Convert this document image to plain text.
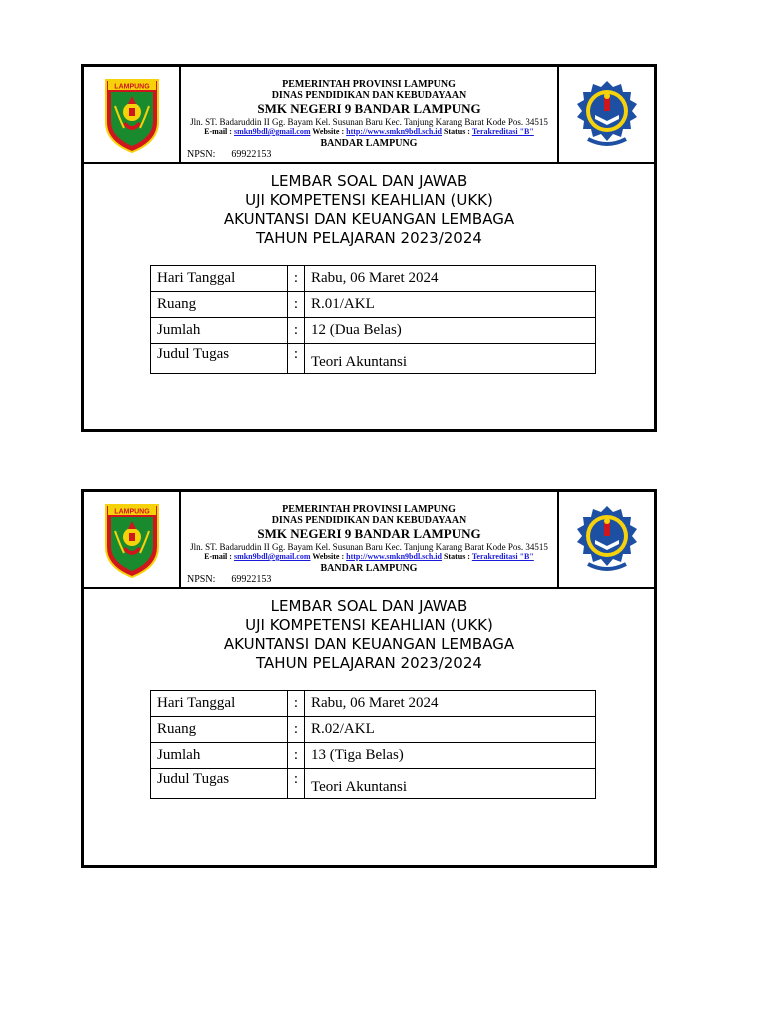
LAMPUNG	PEMERINTAH PROVINSI LAMPUNG
DINAS PENDIDIKAN DAN KEBUDAYAAN
SMK NEGERI 9 BANDAR LAMPUNG
Jln. ST. Badaruddin II Gg. Bayam Kel. Susunan Baru Kec. Tanjung Karang Barat Kode Pos. 34515
E-mail : smkn9bdl@gmail.com Website : http://www.smkn9bdl.sch.id Status : Terakreditasi "B"
BANDAR LAMPUNG
NPSN: 69922153
LEMBAR SOAL DAN JAWAB
UJI KOMPETENSI KEAHLIAN (UKK)
AKUNTANSI DAN KEUANGAN LEMBAGA
TAHUN PELAJARAN 2023/2024
Hari Tanggal	:	Rabu, 06 Maret 2024
Ruang	:	R.01/AKL
Jumlah	:	12 (Dua Belas)
Judul Tugas	:	Teori Akuntansi
LAMPUNG	PEMERINTAH PROVINSI LAMPUNG
DINAS PENDIDIKAN DAN KEBUDAYAAN
SMK NEGERI 9 BANDAR LAMPUNG
Jln. ST. Badaruddin II Gg. Bayam Kel. Susunan Baru Kec. Tanjung Karang Barat Kode Pos. 34515
E-mail : smkn9bdl@gmail.com Website : http://www.smkn9bdl.sch.id Status : Terakreditasi "B"
BANDAR LAMPUNG
NPSN: 69922153
LEMBAR SOAL DAN JAWAB
UJI KOMPETENSI KEAHLIAN (UKK)
AKUNTANSI DAN KEUANGAN LEMBAGA
TAHUN PELAJARAN 2023/2024
Hari Tanggal	:	Rabu, 06 Maret 2024
Ruang	:	R.02/AKL
Jumlah	:	13 (Tiga Belas)
Judul Tugas	:	Teori Akuntansi
